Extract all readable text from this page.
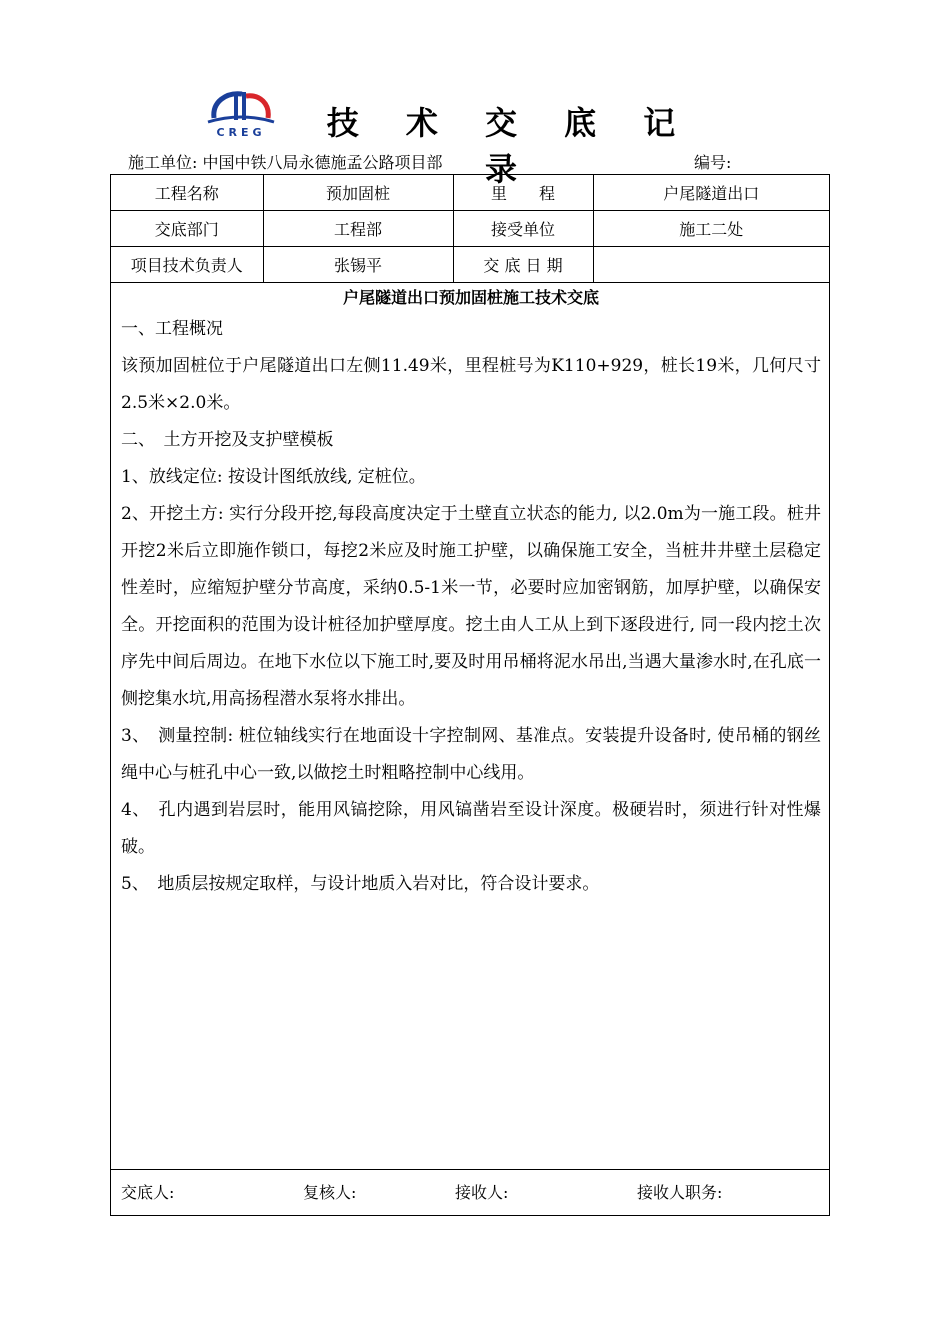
CREG	技 术 交 底 记 录
施工单位: 中国中铁八局永德施孟公路项目部	编号:
工程名称	预加固桩	里　　程	户尾隧道出口
交底部门	工程部	接受单位	施工二处
项目技术负责人	张锡平	交 底 日 期	
户尾隧道出口预加固桩施工技术交底

一、工程概况

该预加固桩位于户尾隧道出口左侧11.49米，里程桩号为K110+929，桩长19米，几何尺寸2.5米×2.0米。

二、　土方开挖及支护壁模板

1、放线定位: 按设计图纸放线, 定桩位。

2、开挖土方: 实行分段开挖,每段高度决定于土壁直立状态的能力, 以2.0m为一施工段。桩井开挖2米后立即施作锁口，每挖2米应及时施工护壁，以确保施工安全，当桩井井壁土层稳定性差时，应缩短护壁分节高度，采纳0.5-1米一节，必要时应加密钢筋，加厚护壁，以确保安全。开挖面积的范围为设计桩径加护壁厚度。挖土由人工从上到下逐段进行, 同一段内挖土次序先中间后周边。在地下水位以下施工时,要及时用吊桶将泥水吊出,当遇大量渗水时,在孔底一侧挖集水坑,用高扬程潜水泵将水排出。

3、　测量控制: 桩位轴线实行在地面设十字控制网、基准点。安装提升设备时, 使吊桶的钢丝绳中心与桩孔中心一致,以做挖土时粗略控制中心线用。

4、　孔内遇到岩层时，能用风镐挖除，用风镐凿岩至设计深度。极硬岩时，须进行针对性爆破。

5、　地质层按规定取样，与设计地质入岩对比，符合设计要求。

交底人:	复核人:	接收人:	接收人职务:
